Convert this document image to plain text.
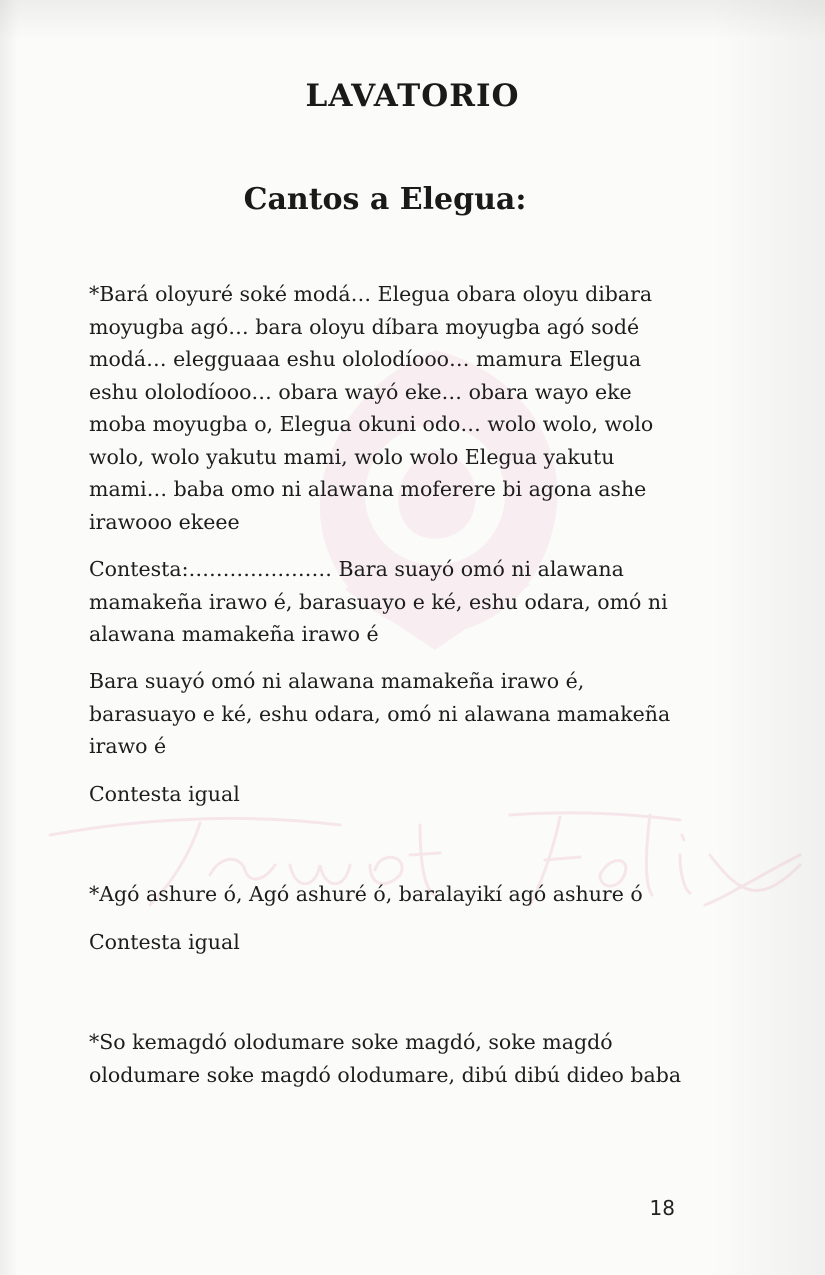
LAVATORIO
Cantos a Elegua:

*Bará oloyuré soké modá… Elegua obara oloyu dibara moyugba agó… bara oloyu díbara moyugba agó sodé modá… elegguaaa eshu ololodíooo… mamura Elegua eshu ololodíooo… obara wayó eke… obara wayo eke moba moyugba o, Elegua okuni odo… wolo wolo, wolo wolo, wolo yakutu mami, wolo wolo Elegua yakutu mami… baba omo ni alawana moferere bi agona ashe irawooo ekeee

Contesta:………………… Bara suayó omó ni alawana mamakeña irawo é, barasuayo e ké, eshu odara, omó ni alawana mamakeña irawo é

Bara suayó omó ni alawana mamakeña irawo é, barasuayo e ké, eshu odara, omó ni alawana mamakeña irawo é

Contesta igual

*Agó ashure ó, Agó ashuré ó, baralayikí agó ashure ó

Contesta igual

*So kemagdó olodumare soke magdó, soke magdó olodumare soke magdó olodumare, dibú dibú dideo baba

18
